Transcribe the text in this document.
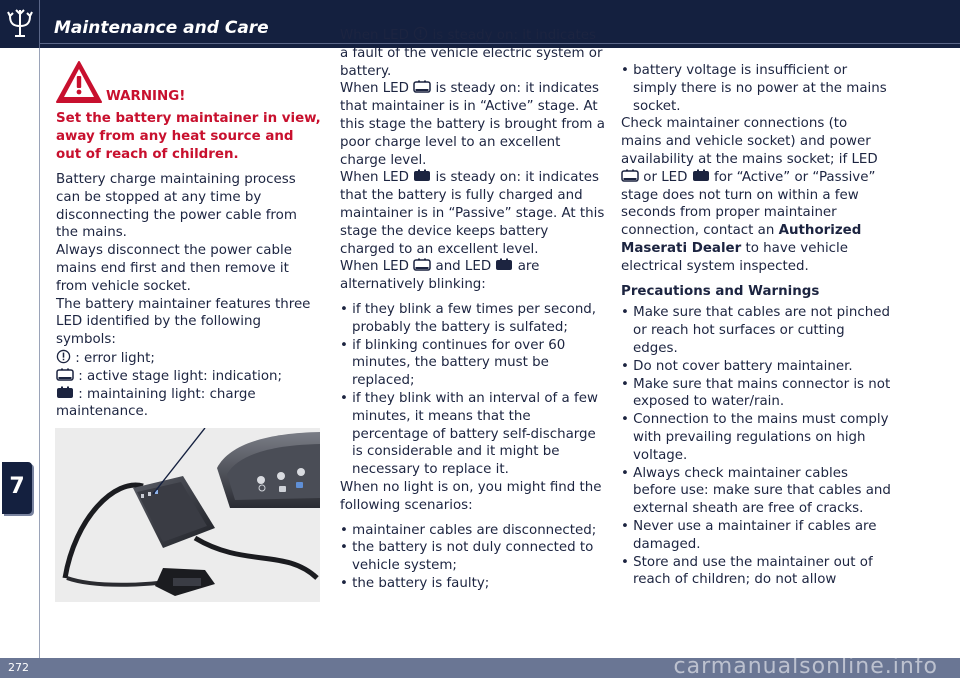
Maintenance and Care
7
WARNING!
Set the battery maintainer in view, away from any heat source and out of reach of children.

Battery charge maintaining process can be stopped at any time by disconnecting the power cable from the mains.

Always disconnect the power cable mains end first and then remove it from vehicle socket.

The battery maintainer features three LED identified by the following symbols:

: error light;

: active stage light: indication;

: maintaining light: charge maintenance.

When LED is steady on: it indicates a fault of the vehicle electric system or battery.

When LED is steady on: it indicates that maintainer is in “Active” stage. At this stage the battery is brought from a poor charge level to an excellent charge level.

When LED is steady on: it indicates that the battery is fully charged and maintainer is in “Passive” stage. At this stage the device keeps battery charged to an excellent level.

When LED and LED are alternatively blinking:

• if they blink a few times per second, probably the battery is sulfated;

• if blinking continues for over 60 minutes, the battery must be replaced;

• if they blink with an interval of a few minutes, it means that the percentage of battery self-discharge is considerable and it might be necessary to replace it.

When no light is on, you might find the following scenarios:

• maintainer cables are disconnected;

• the battery is not duly connected to vehicle system;

• the battery is faulty;

• battery voltage is insufficient or simply there is no power at the mains socket.

Check maintainer connections (to mains and vehicle socket) and power availability at the mains socket; if LED  or LED for “Active” or “Passive” stage does not turn on within a few seconds from proper maintainer connection, contact an Authorized Maserati Dealer to have vehicle electrical system inspected.

Precautions and Warnings

• Make sure that cables are not pinched or reach hot surfaces or cutting edges.

• Do not cover battery maintainer.

• Make sure that mains connector is not exposed to water/rain.

• Connection to the mains must comply with prevailing regulations on high voltage.

• Always check maintainer cables before use: make sure that cables and external sheath are free of cracks.

• Never use a maintainer if cables are damaged.

• Store and use the maintainer out of reach of children; do not allow

272	carmanualsonline.info
